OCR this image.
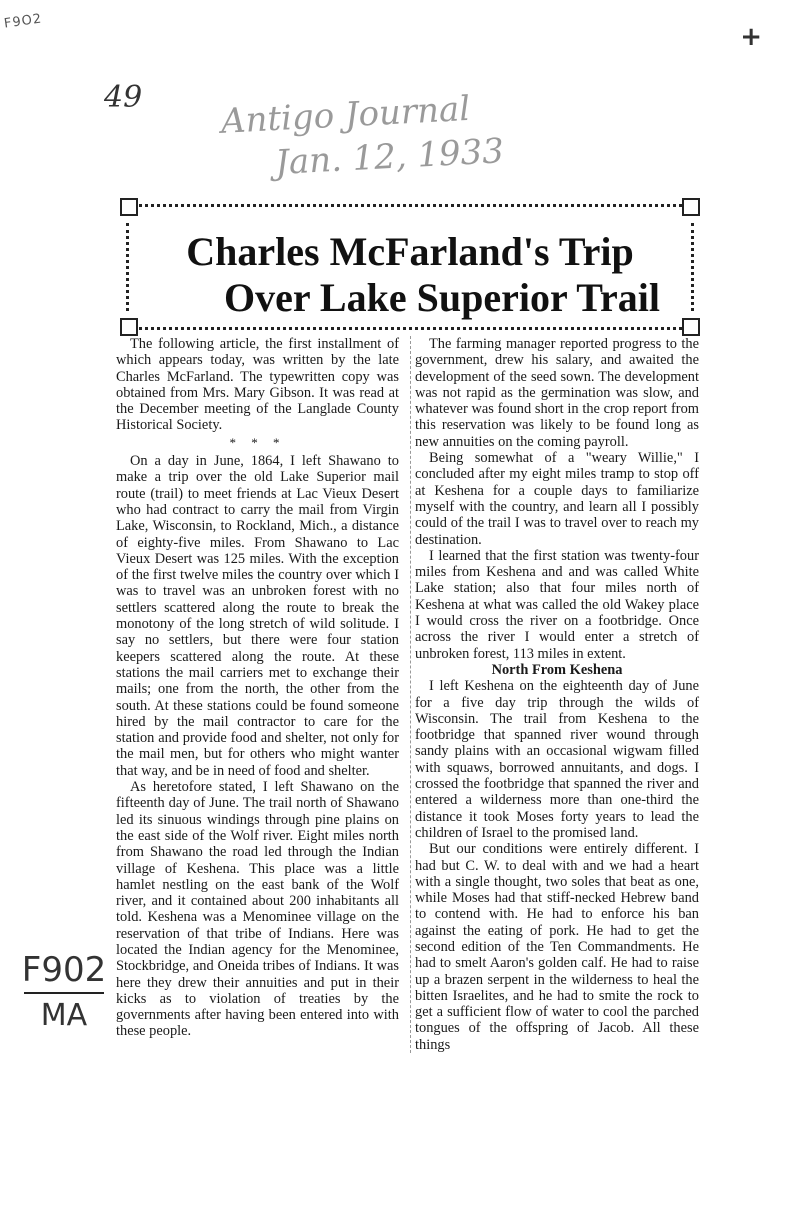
F9O2
+
49 Antigo Journal
Jan. 12, 1933
F902
MA
Charles McFarland's Trip
Over Lake Superior Trail

The following article, the first installment of which appears today, was written by the late Charles McFarland. The typewritten copy was obtained from Mrs. Mary Gibson. It was read at the December meeting of the Langlade County Historical Society.

* * *

On a day in June, 1864, I left Shawano to make a trip over the old Lake Superior mail route (trail) to meet friends at Lac Vieux Desert who had contract to carry the mail from Virgin Lake, Wisconsin, to Rockland, Mich., a distance of eighty-five miles. From Shawano to Lac Vieux Desert was 125 miles. With the exception of the first twelve miles the country over which I was to travel was an unbroken forest with no settlers scattered along the route to break the monotony of the long stretch of wild solitude. I say no settlers, but there were four station keepers scattered along the route. At these stations the mail carriers met to exchange their mails; one from the north, the other from the south. At these stations could be found someone hired by the mail contractor to care for the station and provide food and shelter, not only for the mail men, but for others who might wanter that way, and be in need of food and shelter.

As heretofore stated, I left Shawano on the fifteenth day of June. The trail north of Shawano led its sinuous windings through pine plains on the east side of the Wolf river. Eight miles north from Shawano the road led through the Indian village of Keshena. This place was a little hamlet nestling on the east bank of the Wolf river, and it contained about 200 inhabitants all told. Keshena was a Menominee village on the reservation of that tribe of Indians. Here was located the Indian agency for the Menominee, Stockbridge, and Oneida tribes of Indians. It was here they drew their annuities and put in their kicks as to violation of treaties by the governments after having been entered into with these people.

The farming manager reported progress to the government, drew his salary, and awaited the development of the seed sown. The development was not rapid as the germination was slow, and whatever was found short in the crop report from this reservation was likely to be found long as new annuities on the coming payroll.

Being somewhat of a "weary Willie," I concluded after my eight miles tramp to stop off at Keshena for a couple days to familiarize myself with the country, and learn all I possibly could of the trail I was to travel over to reach my destination.

I learned that the first station was twenty-four miles from Keshena and and was called White Lake station; also that four miles north of Keshena at what was called the old Wakey place I would cross the river on a footbridge. Once across the river I would enter a stretch of unbroken forest, 113 miles in extent.

North From Keshena

I left Keshena on the eighteenth day of June for a five day trip through the wilds of Wisconsin. The trail from Keshena to the footbridge that spanned river wound through sandy plains with an occasional wigwam filled with squaws, borrowed annuitants, and dogs. I crossed the footbridge that spanned the river and entered a wilderness more than one-third the distance it took Moses forty years to lead the children of Israel to the promised land.

But our conditions were entirely different. I had but C. W. to deal with and we had a heart with a single thought, two soles that beat as one, while Moses had that stiff-necked Hebrew band to contend with. He had to enforce his ban against the eating of pork. He had to get the second edition of the Ten Commandments. He had to smelt Aaron's golden calf. He had to raise up a brazen serpent in the wilderness to heal the bitten Israelites, and he had to smite the rock to get a sufficient flow of water to cool the parched tongues of the offspring of Jacob. All these things
